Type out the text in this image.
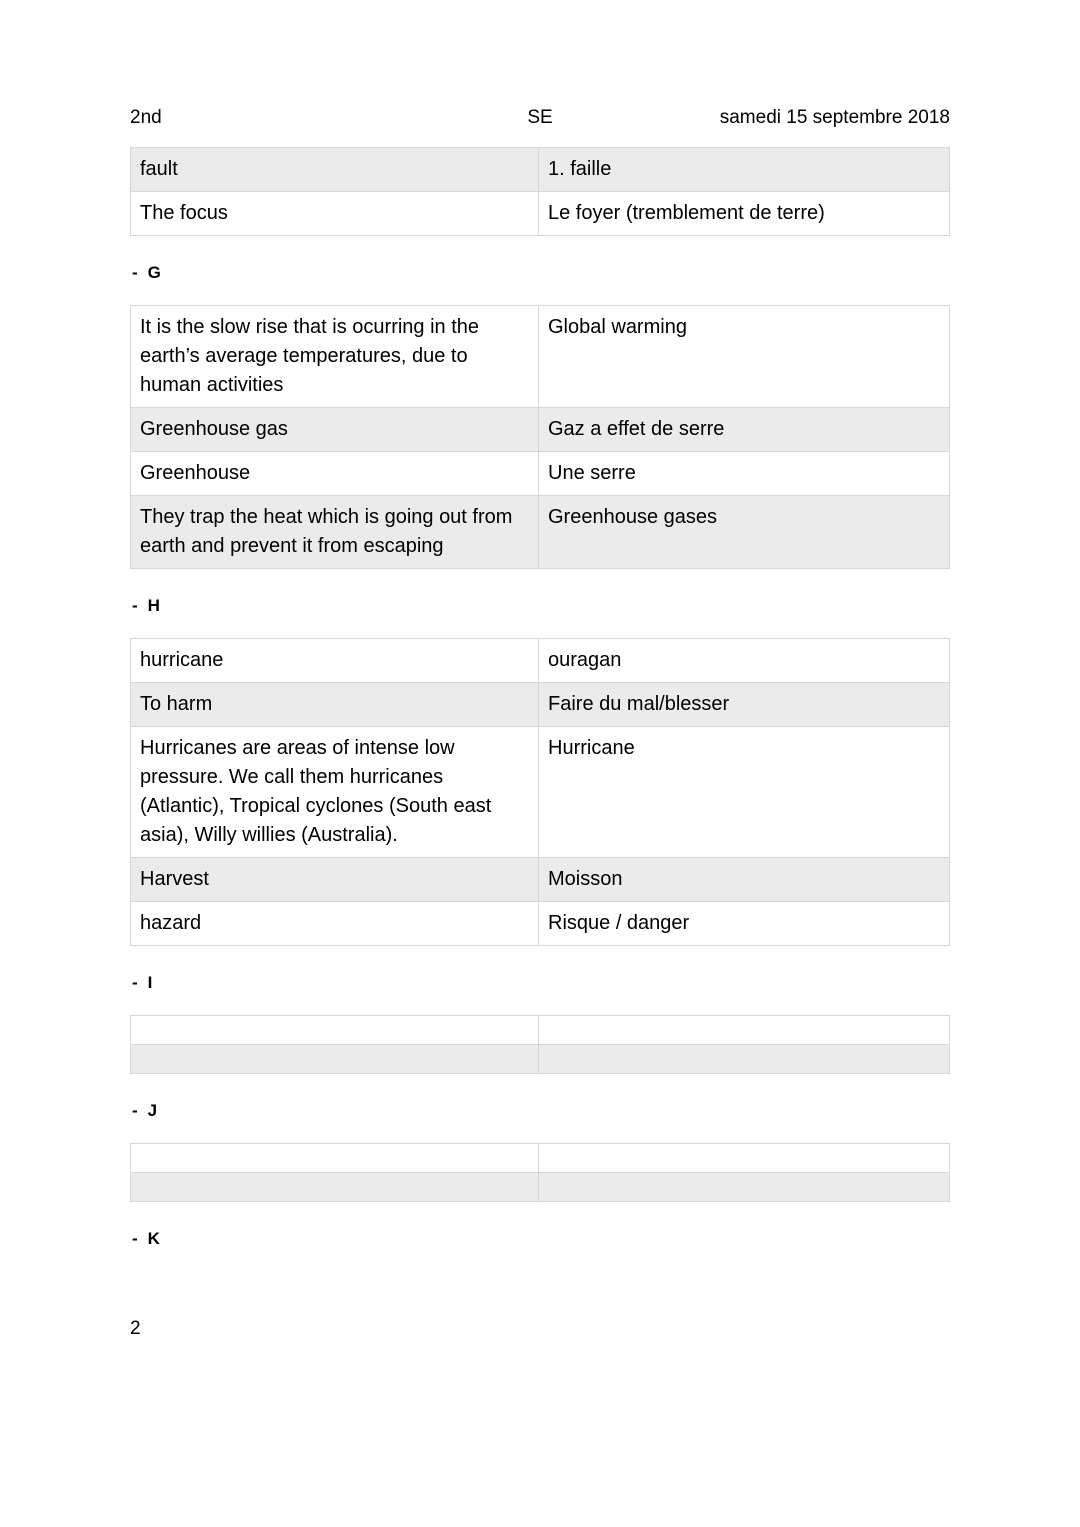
2nd	SE	samedi 15 septembre 2018
fault	1. faille
The focus	Le foyer (tremblement de terre)
- G
It is the slow rise that is ocurring in the earth’s average temperatures, due to human activities	Global warming
Greenhouse gas	Gaz a effet de serre
Greenhouse	Une serre
They trap the heat which is going out from earth and prevent it from escaping	Greenhouse gases
- H
hurricane	ouragan
To harm	Faire du mal/blesser
Hurricanes are areas of intense low pressure. We call them hurricanes (Atlantic), Tropical cyclones (South east asia), Willy willies (Australia).	Hurricane
Harvest	Moisson
hazard	Risque / danger
- I

- J

- K
2
